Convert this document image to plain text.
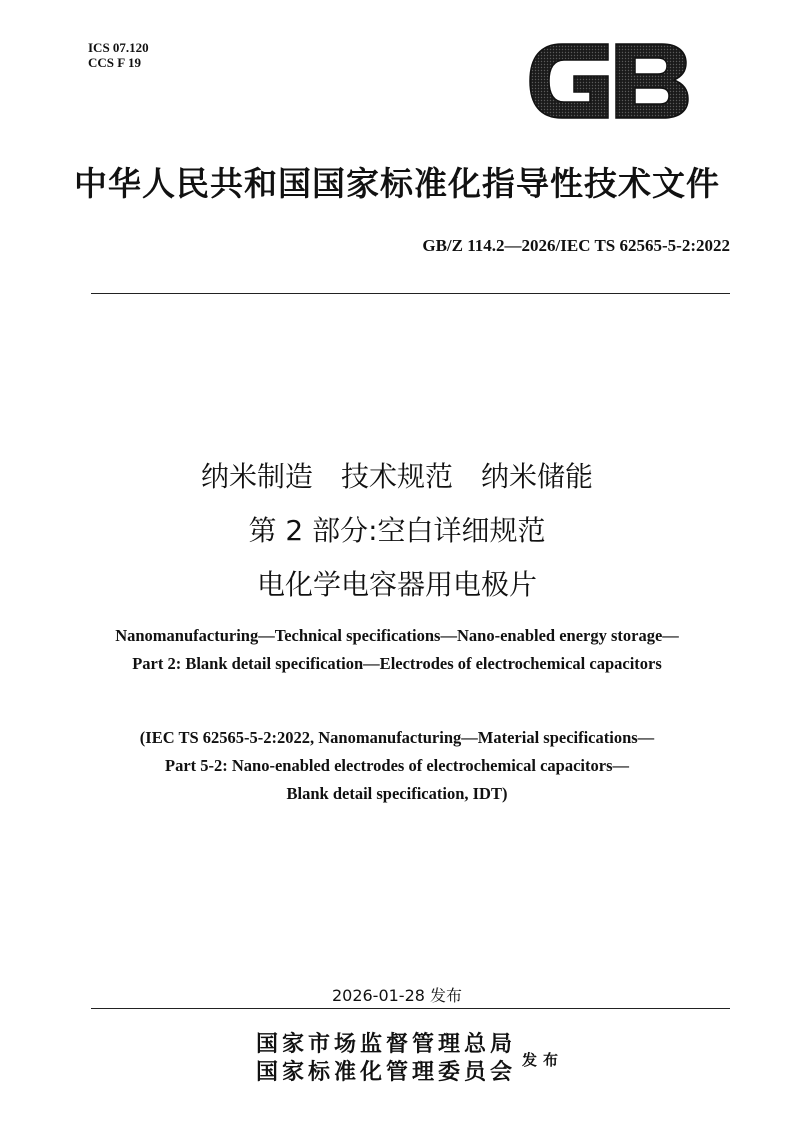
ICS 07.120
CCS F 19
GB
中华人民共和国国家标准化指导性技术文件
GB/Z 114.2—2026/IEC TS 62565-5-2:2022
纳米制造　技术规范　纳米储能
第 2 部分:空白详细规范
电化学电容器用电极片
Nanomanufacturing—Technical specifications—Nano-enabled energy storage—
Part 2: Blank detail specification—Electrodes of electrochemical capacitors
(IEC TS 62565-5-2:2022, Nanomanufacturing—Material specifications—
Part 5-2: Nano-enabled electrodes of electrochemical capacitors—
Blank detail specification, IDT)
2026-01-28 发布
国家市场监督管理总局
国家标准化管理委员会 发布
